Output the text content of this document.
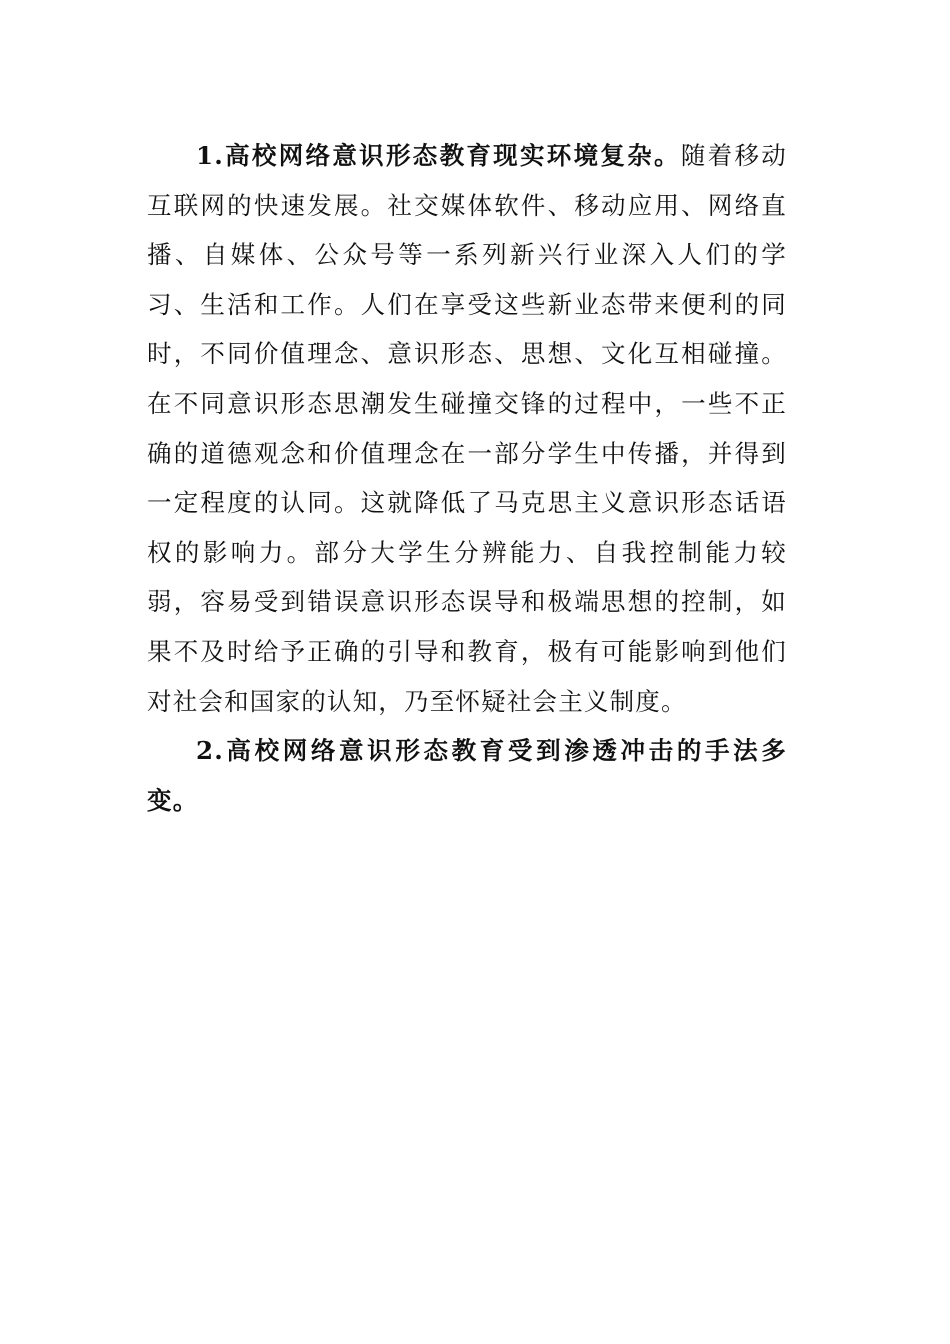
1.高校网络意识形态教育现实环境复杂。随着移动互联网的快速发展。社交媒体软件、移动应用、网络直播、自媒体、公众号等一系列新兴行业深入人们的学习、生活和工作。人们在享受这些新业态带来便利的同时，不同价值理念、意识形态、思想、文化互相碰撞。在不同意识形态思潮发生碰撞交锋的过程中，一些不正确的道德观念和价值理念在一部分学生中传播，并得到一定程度的认同。这就降低了马克思主义意识形态话语权的影响力。部分大学生分辨能力、自我控制能力较弱，容易受到错误意识形态误导和极端思想的控制，如果不及时给予正确的引导和教育，极有可能影响到他们对社会和国家的认知，乃至怀疑社会主义制度。

2.高校网络意识形态教育受到渗透冲击的手法多变。
